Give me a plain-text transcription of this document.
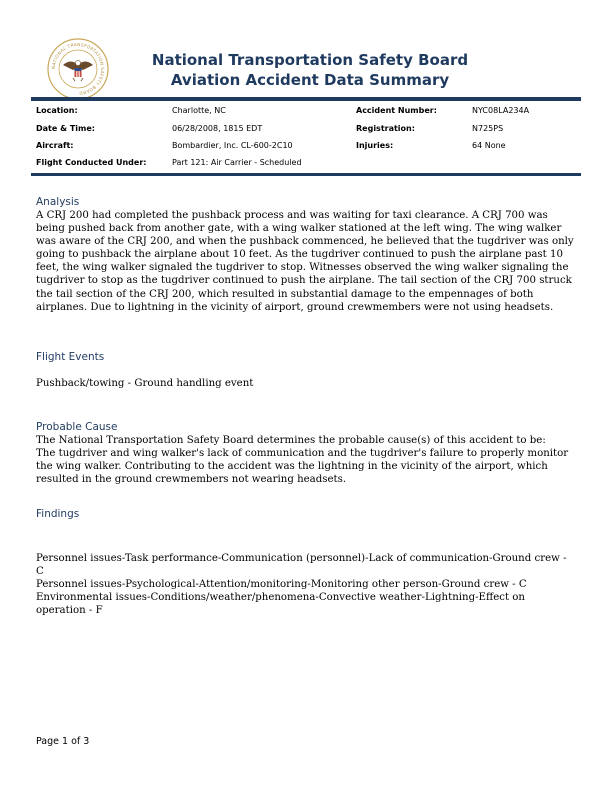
NATIONAL TRANSPORTATION SAFETY BOARD
National Transportation Safety Board
Aviation Accident Data Summary
Location:	Charlotte, NC	Accident Number:	NYC08LA234A
Date & Time:	06/28/2008, 1815 EDT	Registration:	N725PS
Aircraft:	Bombardier, Inc. CL-600-2C10	Injuries:	64 None
Flight Conducted Under:	Part 121: Air Carrier - Scheduled
Analysis
A CRJ 200 had completed the pushback process and was waiting for taxi clearance. A CRJ 700 was being pushed back from another gate, with a wing walker stationed at the left wing. The wing walker was aware of the CRJ 200, and when the pushback commenced, he believed that the tugdriver was only going to pushback the airplane about 10 feet. As the tugdriver continued to push the airplane past 10 feet, the wing walker signaled the tugdriver to stop. Witnesses observed the wing walker signaling the tugdriver to stop as the tugdriver continued to push the airplane. The tail section of the CRJ 700 struck the tail section of the CRJ 200, which resulted in substantial damage to the empennages of both airplanes. Due to lightning in the vicinity of airport, ground crewmembers were not using headsets.
Flight Events
Pushback/towing - Ground handling event
Probable Cause
The National Transportation Safety Board determines the probable cause(s) of this accident to be:
The tugdriver and wing walker's lack of communication and the tugdriver's failure to properly monitor the wing walker. Contributing to the accident was the lightning in the vicinity of the airport, which resulted in the ground crewmembers not wearing headsets.
Findings

Personnel issues-Task performance-Communication (personnel)-Lack of communication-Ground crew - C

Personnel issues-Psychological-Attention/monitoring-Monitoring other person-Ground crew - C

Environmental issues-Conditions/weather/phenomena-Convective weather-Lightning-Effect on operation - F

Page 1 of 3
